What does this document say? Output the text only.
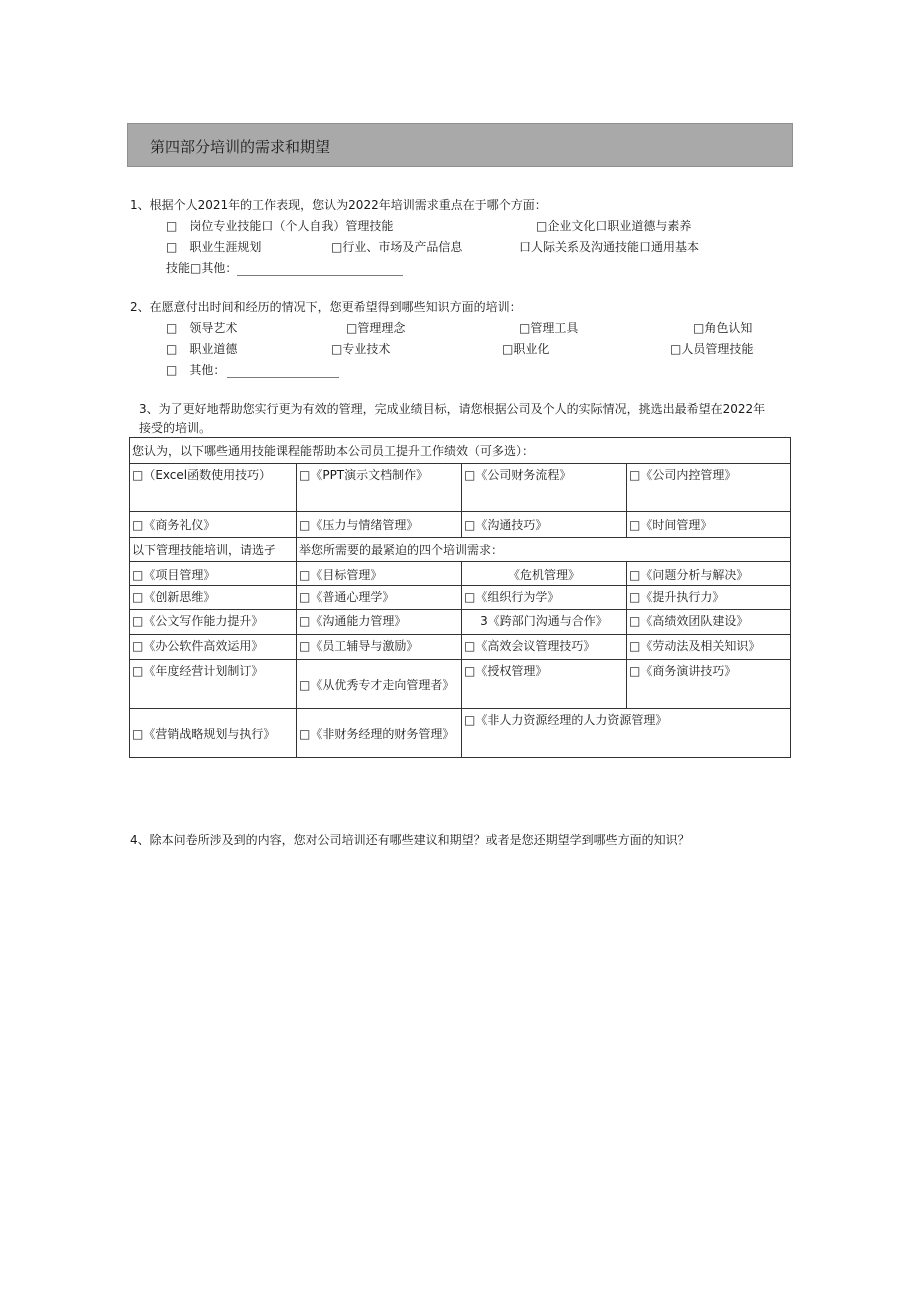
第四部分培训的需求和期望
1、根据个人2021年的工作表现，您认为2022年培训需求重点在于哪个方面：
□　岗位专业技能口（个人自我）管理技能	□企业文化口职业道德与素养
□　职业生涯规划	□行业、市场及产品信息	口人际关系及沟通技能口通用基本
技能□其他：
2、在愿意付出时间和经历的情况下，您更希望得到哪些知识方面的培训：
□　领导艺术	□管理理念	□管理工具	□角色认知
□　职业道德	□专业技术	□职业化	□人员管理技能
□　其他：
3、为了更好地帮助您实行更为有效的管理，完成业绩目标，请您根据公司及个人的实际情况，挑选出最希望在2022年
接受的培训。
您认为，以下哪些通用技能课程能帮助本公司员工提升工作绩效（可多选）：			
□（Excel函数使用技巧）	□《PPT演示文档制作》	□《公司财务流程》	□《公司内控管理》
□《商务礼仪》	□《压力与情绪管理》	□《沟通技巧》	□《时间管理》
以下管理技能培训，请选孑	举您所需要的最紧迫的四个培训需求：		
□《项目管理》	□《目标管理》	《危机管理》	□《问题分析与解决》
□《创新思维》	□《普通心理学》	□《组织行为学》	□《提升执行力》
□《公文写作能力提升》	□《沟通能力管理》	3《跨部门沟通与合作》	□《高绩效团队建设》
□《办公软件高效运用》	□《员工辅导与激励》	□《高效会议管理技巧》	□《劳动法及相关知识》
□《年度经营计划制订》	□《从优秀专才走向管理者》	□《授权管理》	□《商务演讲技巧》
□《营销战略规划与执行》	□《非财务经理的财务管理》	□《非人力资源经理的人力资源管理》	
4、除本问卷所涉及到的内容，您对公司培训还有哪些建议和期望？或者是您还期望学到哪些方面的知识？
